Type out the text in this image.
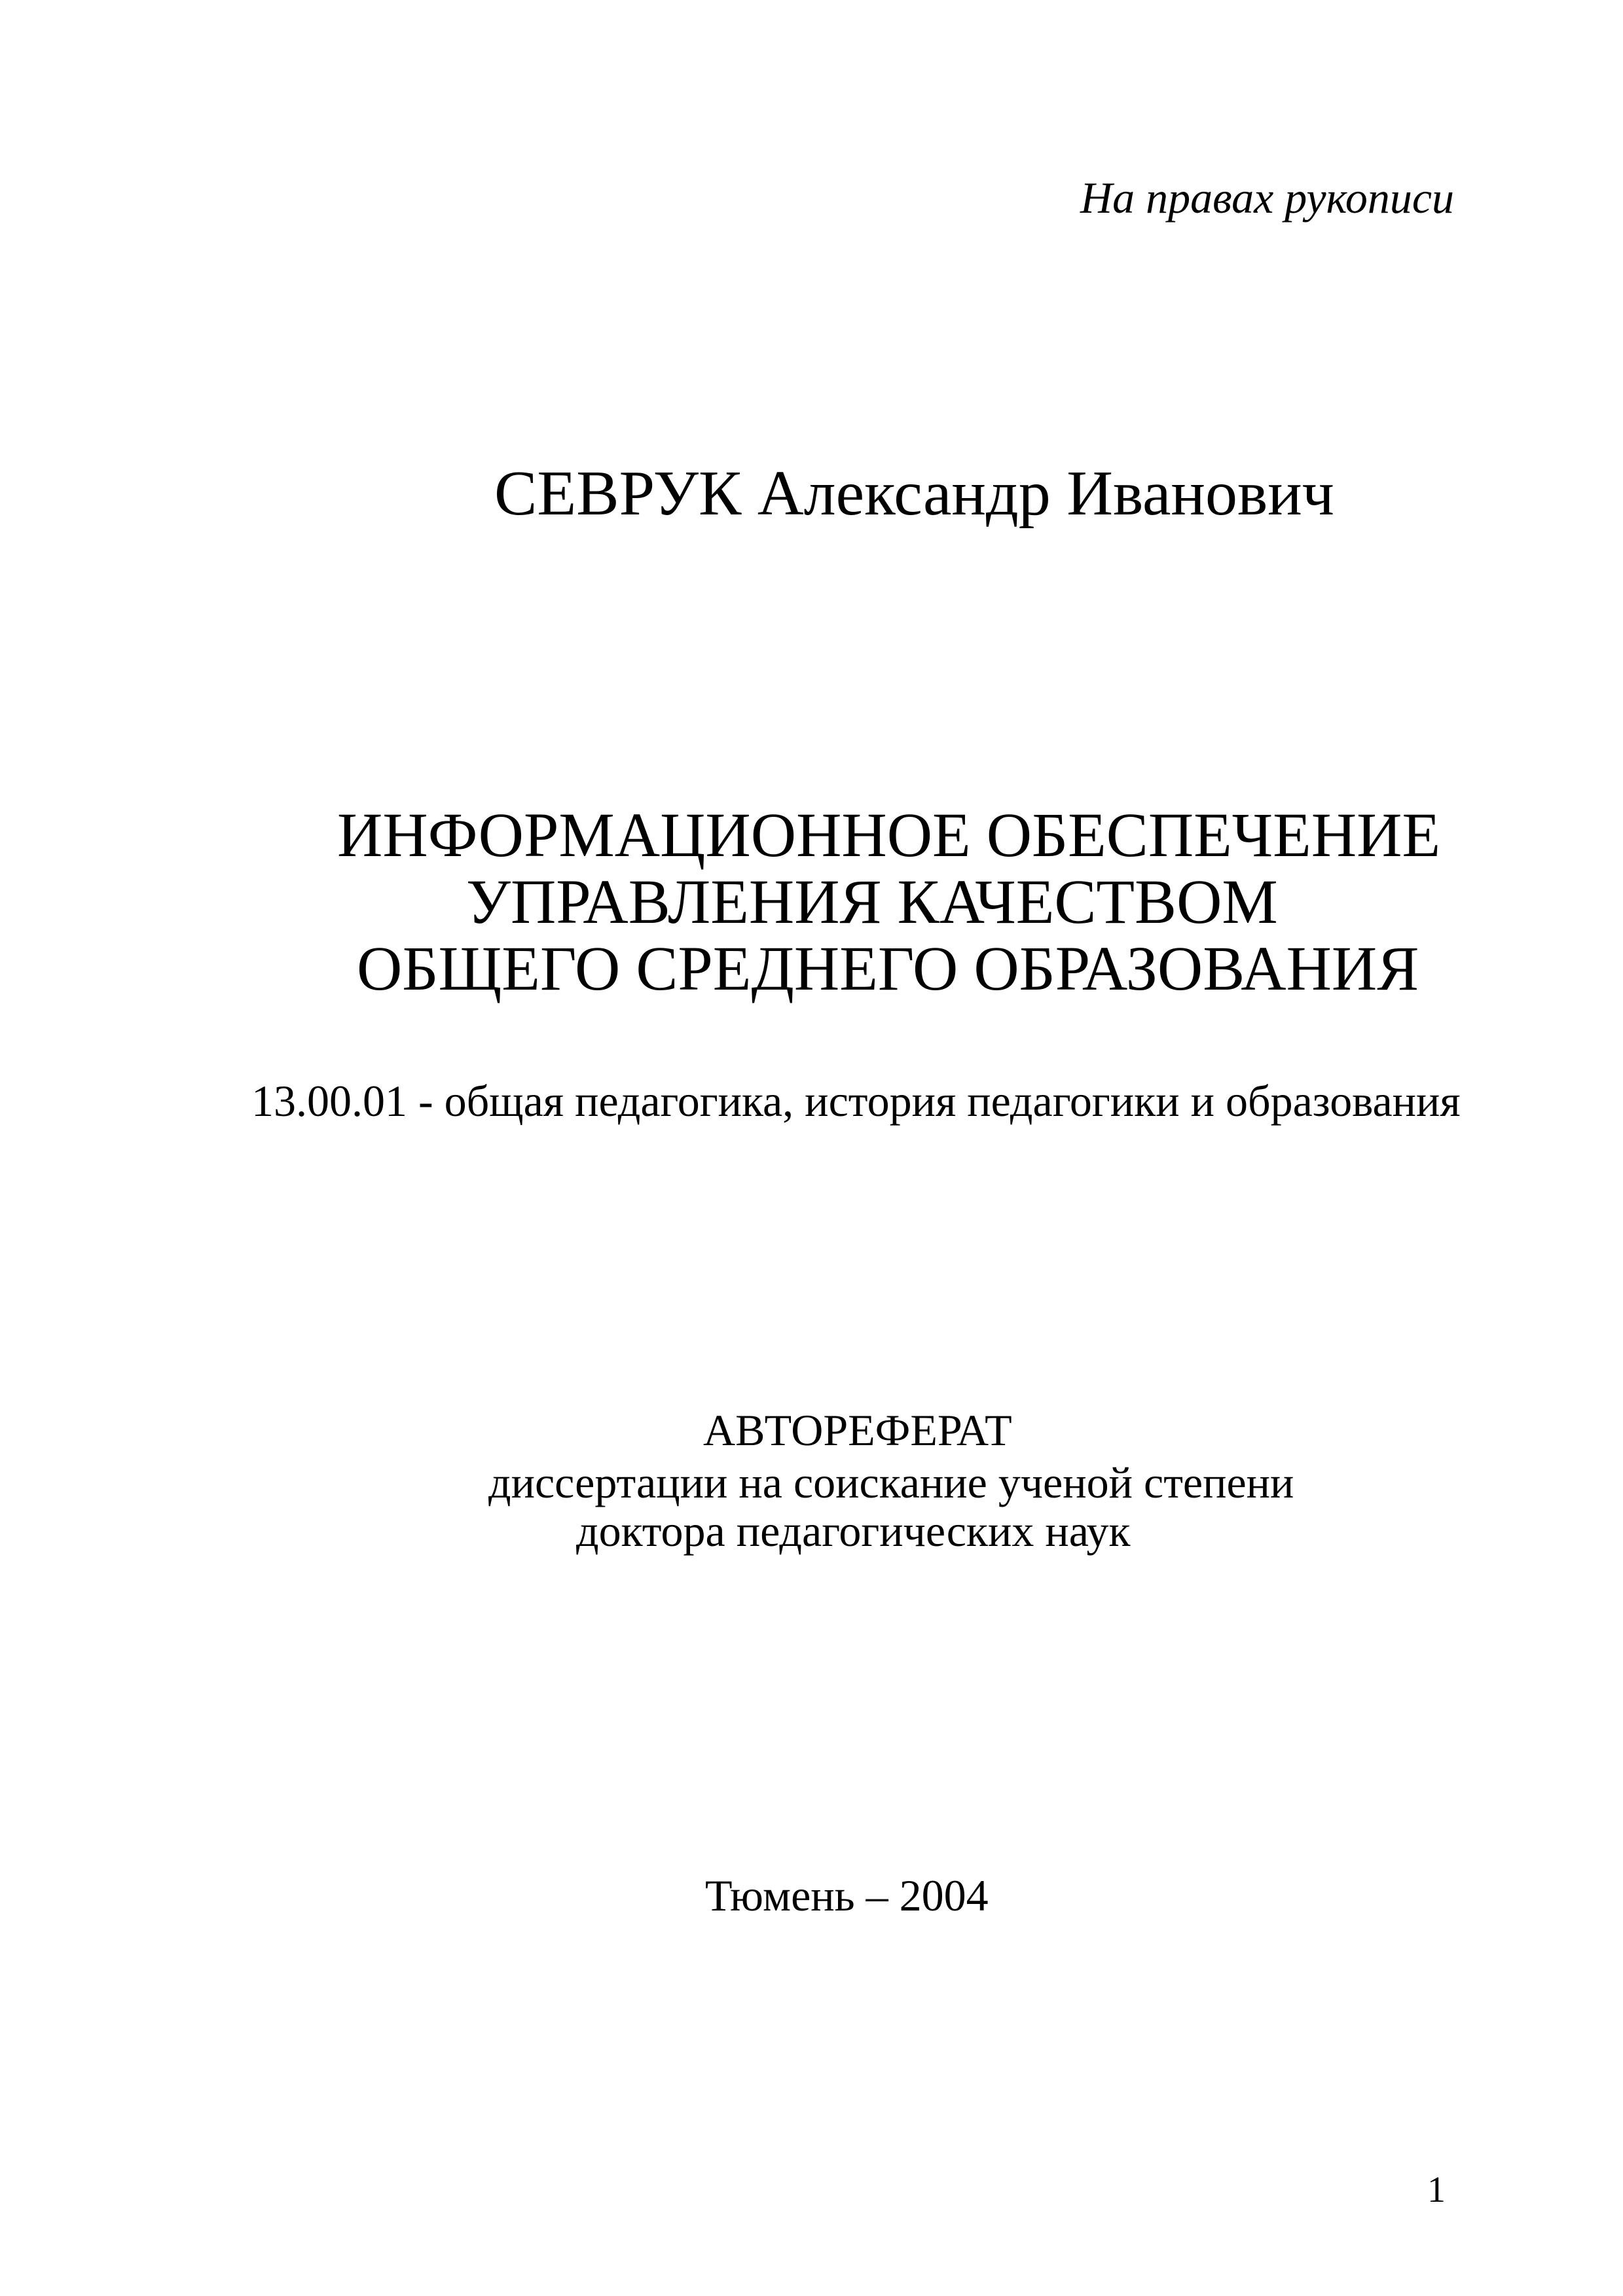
На правах рукописи
СЕВРУК Александр Иванович
ИНФОРМАЦИОННОЕ ОБЕСПЕЧЕНИЕ
УПРАВЛЕНИЯ КАЧЕСТВОМ
ОБЩЕГО СРЕДНЕГО ОБРАЗОВАНИЯ
13.00.01 - общая педагогика, история педагогики и образования
АВТОРЕФЕРАТ
диссертации на соискание ученой степени
доктора педагогических наук
Тюмень – 2004
1
